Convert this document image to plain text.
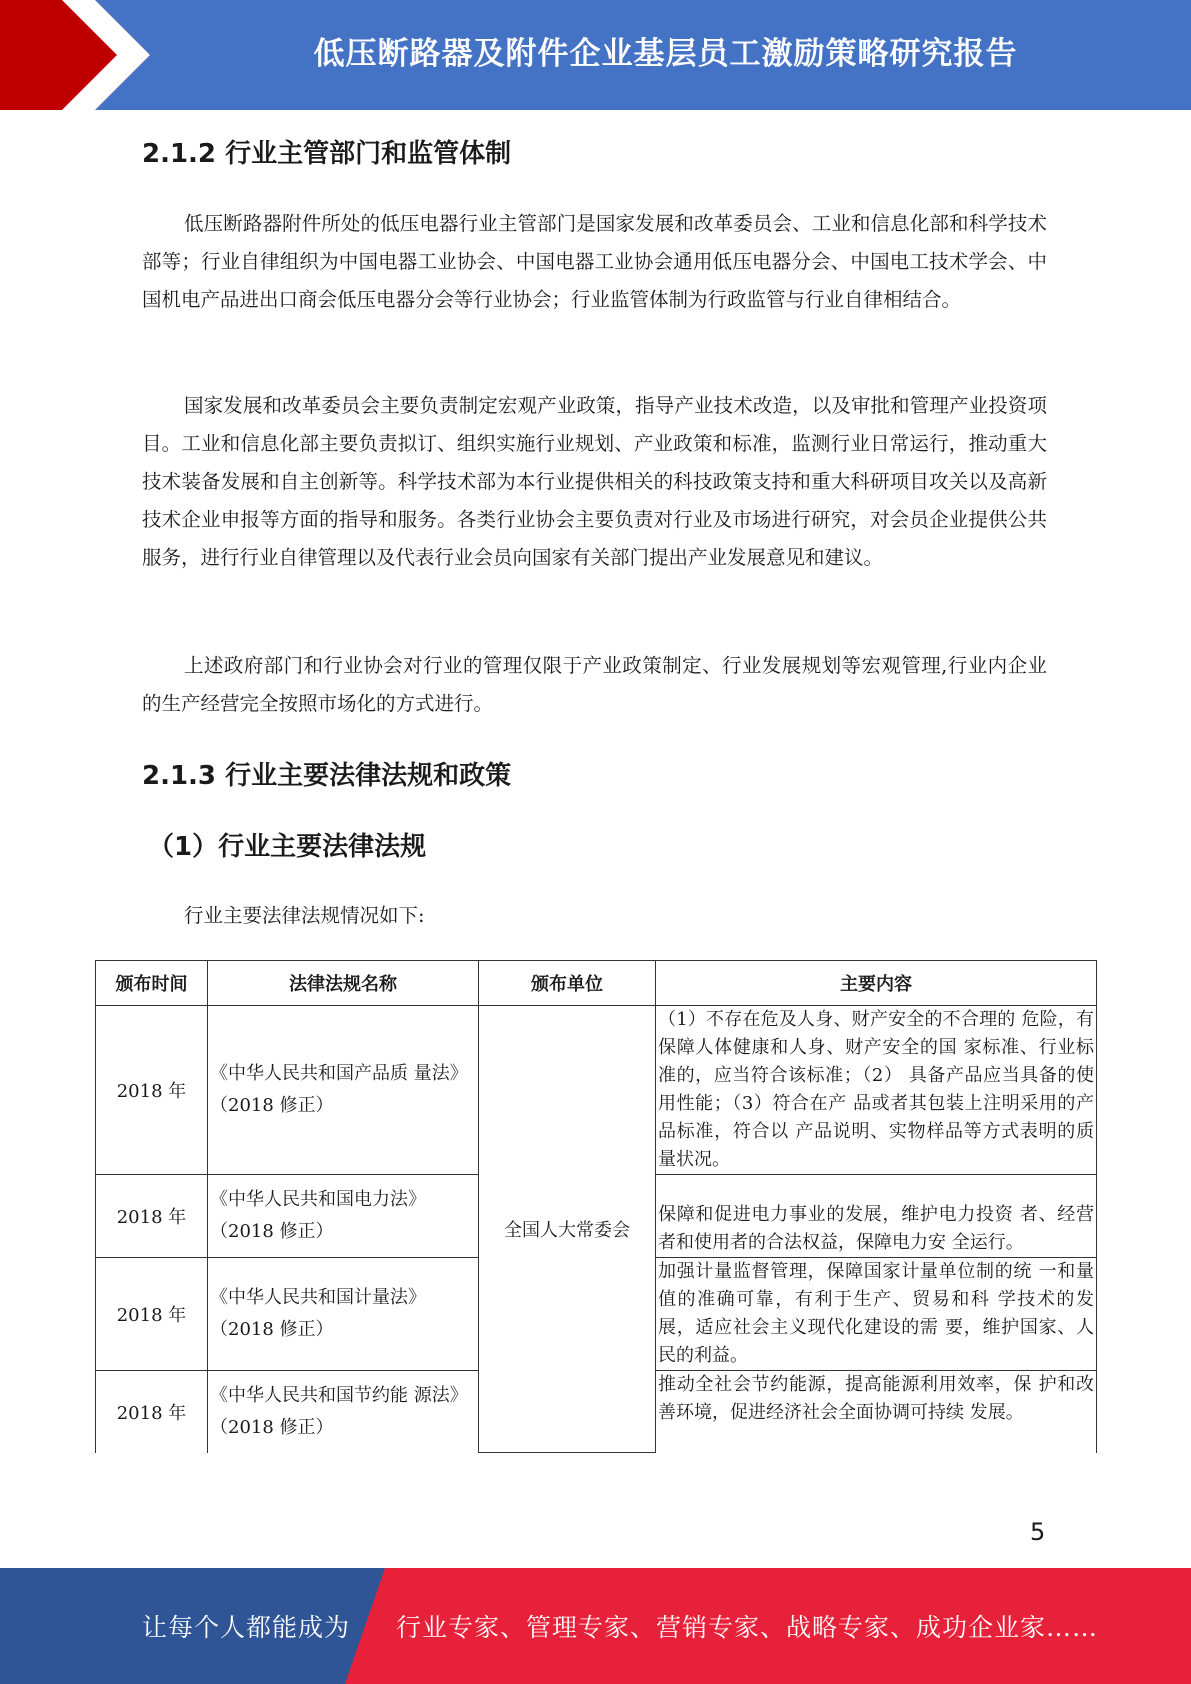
低压断路器及附件企业基层员工激励策略研究报告
2.1.2 行业主管部门和监管体制

低压断路器附件所处的低压电器行业主管部门是国家发展和改革委员会、工业和信息化部和科学技术部等；行业自律组织为中国电器工业协会、中国电器工业协会通用低压电器分会、中国电工技术学会、中国机电产品进出口商会低压电器分会等行业协会；行业监管体制为行政监管与行业自律相结合。

国家发展和改革委员会主要负责制定宏观产业政策，指导产业技术改造，以及审批和管理产业投资项目。工业和信息化部主要负责拟订、组织实施行业规划、产业政策和标准，监测行业日常运行，推动重大技术装备发展和自主创新等。科学技术部为本行业提供相关的科技政策支持和重大科研项目攻关以及高新技术企业申报等方面的指导和服务。各类行业协会主要负责对行业及市场进行研究，对会员企业提供公共服务，进行行业自律管理以及代表行业会员向国家有关部门提出产业发展意见和建议。

上述政府部门和行业协会对行业的管理仅限于产业政策制定、行业发展规划等宏观管理,行业内企业的生产经营完全按照市场化的方式进行。

2.1.3 行业主要法律法规和政策
（1）行业主要法律法规

行业主要法律法规情况如下:

颁布时间	法律法规名称	颁布单位	主要内容
2018 年	《中华人民共和国产品质 量法》（2018 修正）	全国人大常委会	（1）不存在危及人身、财产安全的不合理的 危险，有保障人体健康和人身、财产安全的国 家标准、行业标准的，应当符合该标准；（2） 具备产品应当具备的使用性能；（3）符合在产 品或者其包装上注明采用的产品标准，符合以 产品说明、实物样品等方式表明的质量状况。
2018 年	《中华人民共和国电力法》（2018 修正）		保障和促进电力事业的发展，维护电力投资 者、经营者和使用者的合法权益，保障电力安 全运行。
2018 年	《中华人民共和国计量法》（2018 修正）		加强计量监督管理，保障国家计量单位制的统 一和量值的准确可靠，有利于生产、贸易和科 学技术的发展，适应社会主义现代化建设的需 要，维护国家、人民的利益。
2018 年	《中华人民共和国节约能 源法》（2018 修正）		推动全社会节约能源，提高能源利用效率，保 护和改善环境，促进经济社会全面协调可持续 发展。
5
让每个人都能成为 行业专家、管理专家、营销专家、战略专家、成功企业家……
